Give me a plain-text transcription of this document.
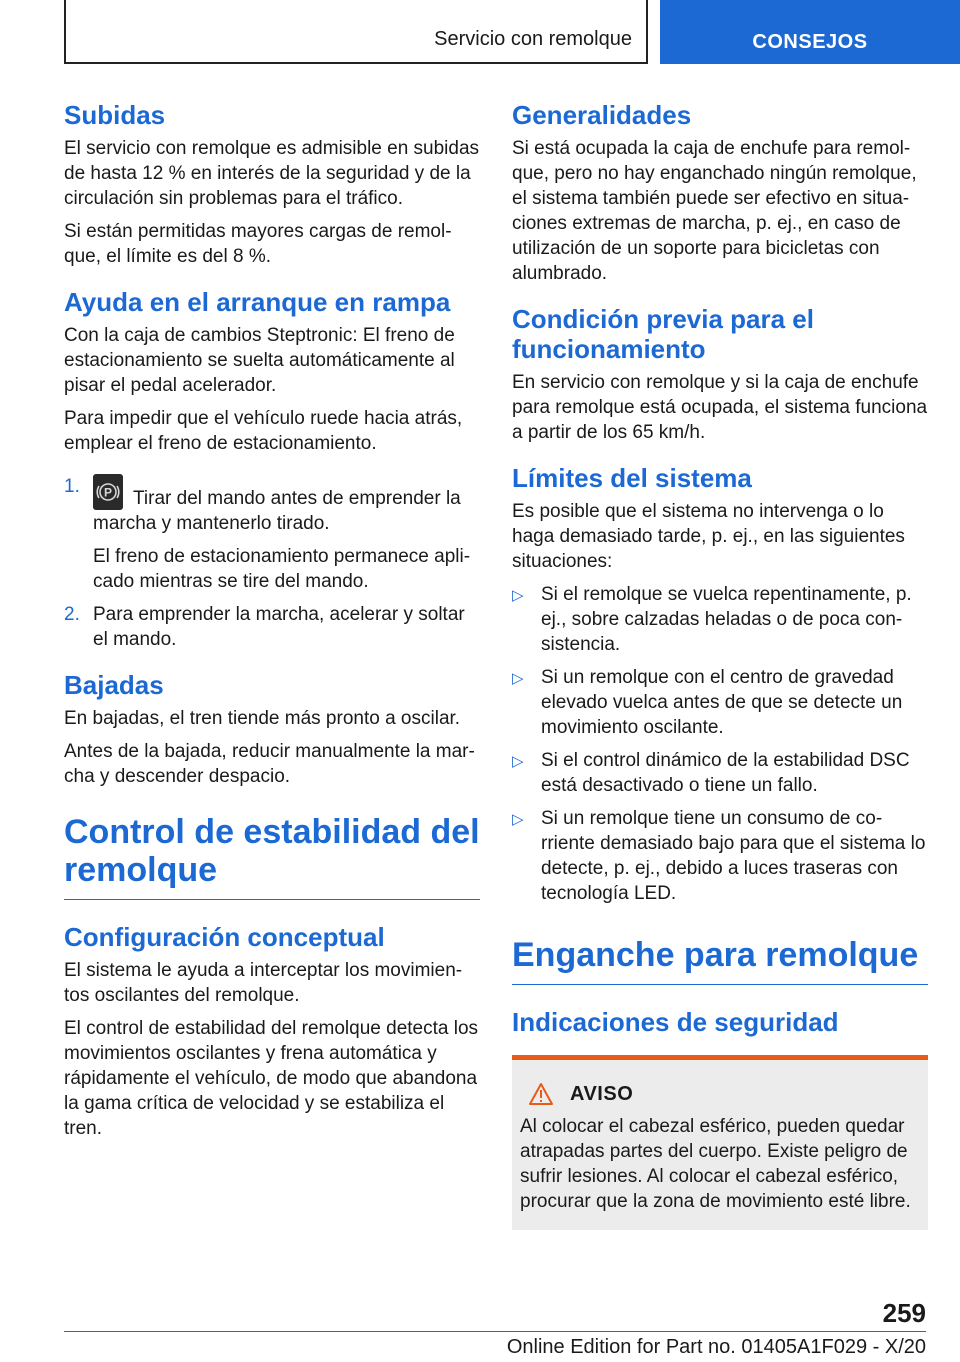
Servicio con remolque	CONSEJOS
Subidas

El servicio con remolque es admisible en subidas de hasta 12 % en interés de la seguridad y de la circulación sin problemas para el tráfico.

Si están permitidas mayores cargas de remolque, el límite es del 8 %.

Ayuda en el arranque en rampa

Con la caja de cambios Steptronic: El freno de estacionamiento se suelta automáticamente al pisar el pedal acelerador.

Para impedir que el vehículo ruede hacia atrás, emplear el freno de estacionamiento.

1. P Tirar del mando antes de emprender la marcha y mantenerlo tirado.

El freno de estacionamiento permanece aplicado mientras se tire del mando.

2. Para emprender la marcha, acelerar y soltar el mando.

Bajadas

En bajadas, el tren tiende más pronto a oscilar.

Antes de la bajada, reducir manualmente la marcha y descender despacio.

Control de estabilidad del remolque
Configuración conceptual

El sistema le ayuda a interceptar los movimientos oscilantes del remolque.

El control de estabilidad del remolque detecta los movimientos oscilantes y frena automática y rápidamente el vehículo, de modo que abandona la gama crítica de velocidad y se estabiliza el tren.

Generalidades

Si está ocupada la caja de enchufe para remolque, pero no hay enganchado ningún remolque, el sistema también puede ser efectivo en situaciones extremas de marcha, p. ej., en caso de utilización de un soporte para bicicletas con alumbrado.

Condición previa para el funcionamiento

En servicio con remolque y si la caja de enchufe para remolque está ocupada, el sistema funciona a partir de los 65 km/h.

Límites del sistema

Es posible que el sistema no intervenga o lo haga demasiado tarde, p. ej., en las siguientes situaciones:

▷ Si el remolque se vuelca repentinamente, p. ej., sobre calzadas heladas o de poca consistencia.
▷ Si un remolque con el centro de gravedad elevado vuelca antes de que se detecte un movimiento oscilante.
▷ Si el control dinámico de la estabilidad DSC está desactivado o tiene un fallo.
▷ Si un remolque tiene un consumo de corriente demasiado bajo para que el sistema lo detecte, p. ej., debido a luces traseras con tecnología LED.
Enganche para remolque
Indicaciones de seguridad
AVISO

Al colocar el cabezal esférico, pueden quedar atrapadas partes del cuerpo. Existe peligro de sufrir lesiones. Al colocar el cabezal esférico, procurar que la zona de movimiento esté libre.

259
Online Edition for Part no. 01405A1F029 - X/20
